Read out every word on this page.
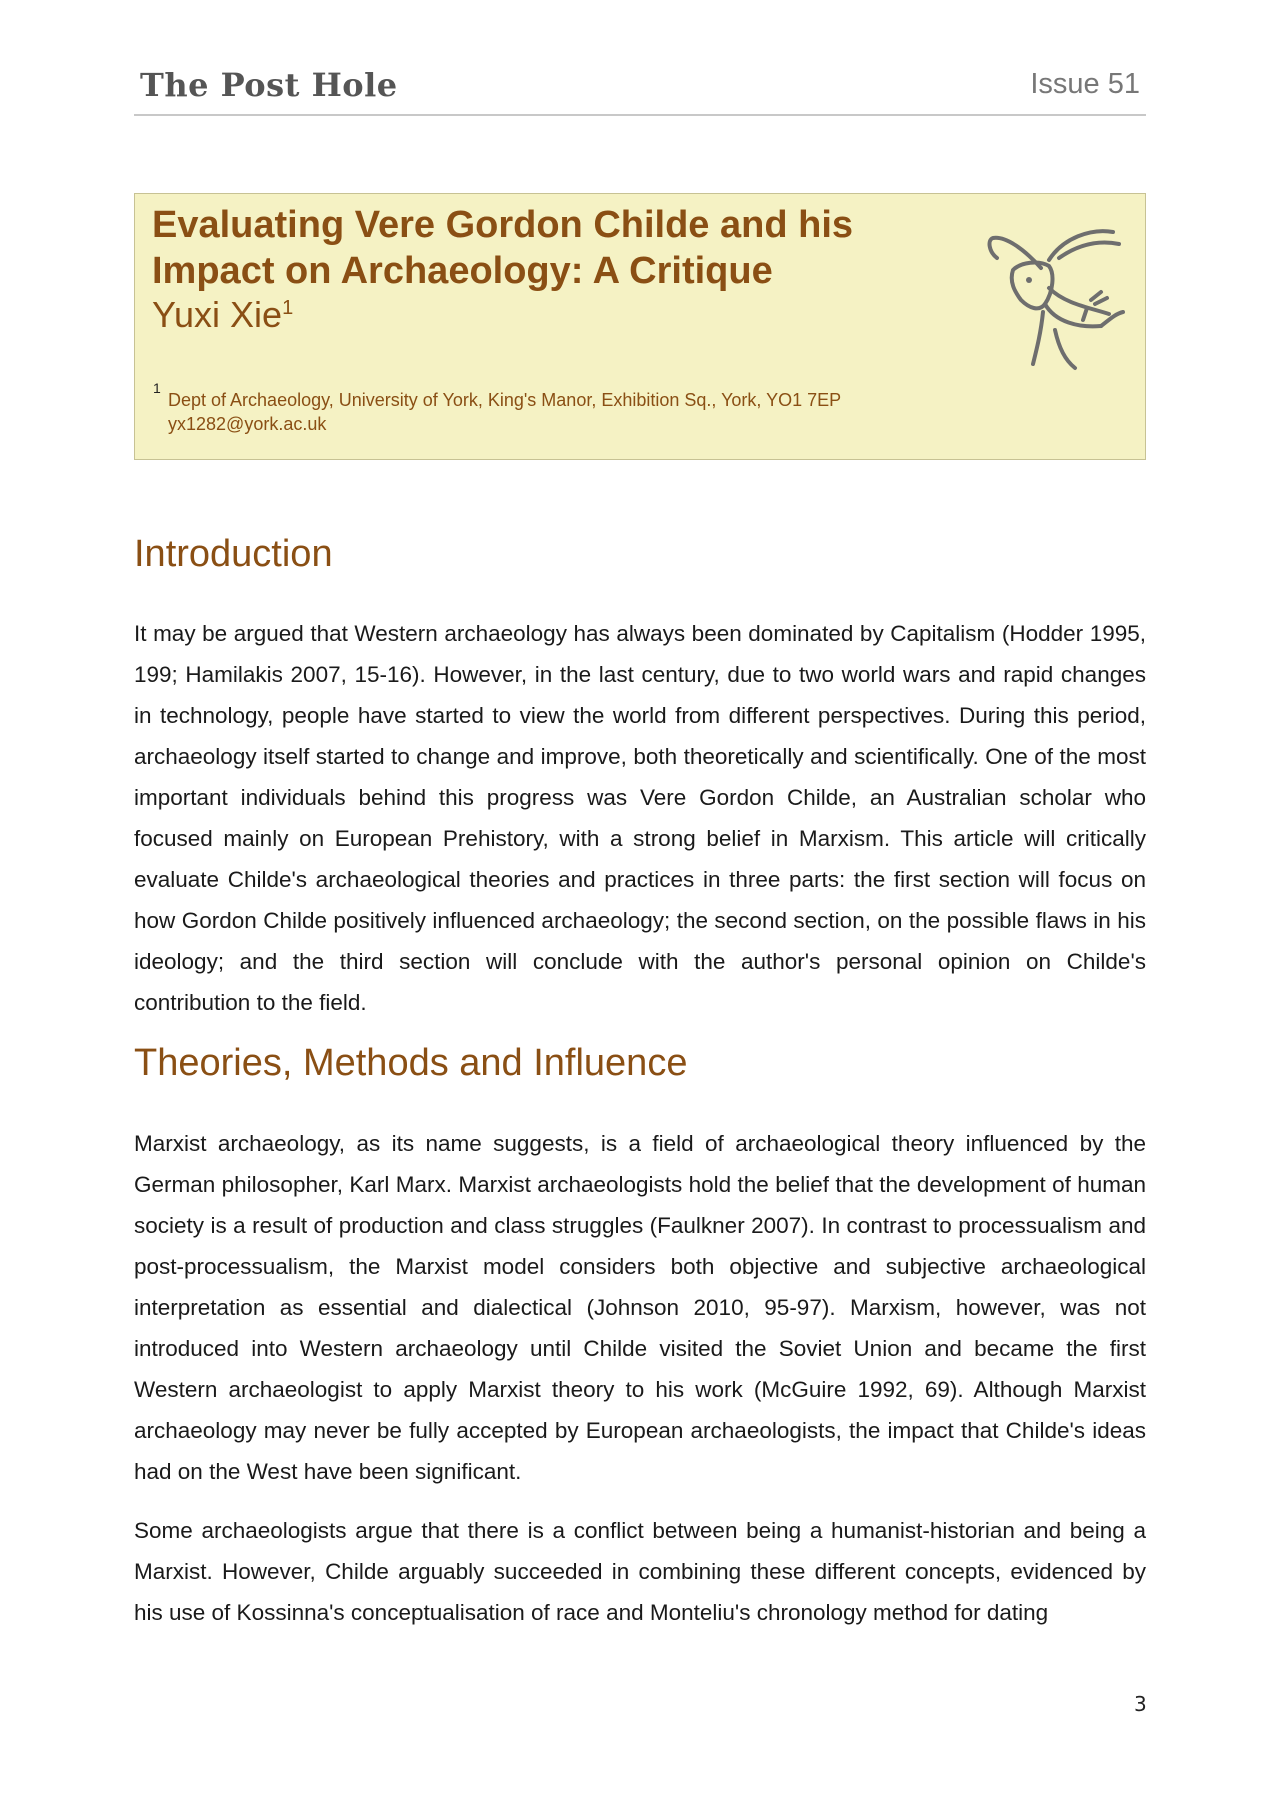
The Post Hole	Issue 51
Evaluating Vere Gordon Childe and his Impact on Archaeology: A Critique
Yuxi Xie$^1$
1
Dept of Archaeology, University of York, King's Manor, Exhibition Sq., York, YO1 7EP
yx1282@york.ac.uk
Introduction

It may be argued that Western archaeology has always been dominated by Capitalism (Hodder 1995, 199; Hamilakis 2007, 15-16). However, in the last century, due to two world wars and rapid changes in technology, people have started to view the world from different perspectives. During this period, archaeology itself started to change and improve, both theoretically and scientifically. One of the most important individuals behind this progress was Vere Gordon Childe, an Australian scholar who focused mainly on European Prehistory, with a strong belief in Marxism. This article will critically evaluate Childe's archaeological theories and practices in three parts: the first section will focus on how Gordon Childe positively influenced archaeology; the second section, on the possible flaws in his ideology; and the third section will conclude with the author's personal opinion on Childe's contribution to the field.

Theories, Methods and Influence

Marxist archaeology, as its name suggests, is a field of archaeological theory influenced by the German philosopher, Karl Marx. Marxist archaeologists hold the belief that the development of human society is a result of production and class struggles (Faulkner 2007). In contrast to processualism and post-processualism, the Marxist model considers both objective and subjective archaeological interpretation as essential and dialectical (Johnson 2010, 95-97). Marxism, however, was not introduced into Western archaeology until Childe visited the Soviet Union and became the first Western archaeologist to apply Marxist theory to his work (McGuire 1992, 69). Although Marxist archaeology may never be fully accepted by European archaeologists, the impact that Childe's ideas had on the West have been significant.

Some archaeologists argue that there is a conflict between being a humanist-historian and being a Marxist. However, Childe arguably succeeded in combining these different concepts, evidenced by his use of Kossinna's conceptualisation of race and Monteliu's chronology method for dating

3
